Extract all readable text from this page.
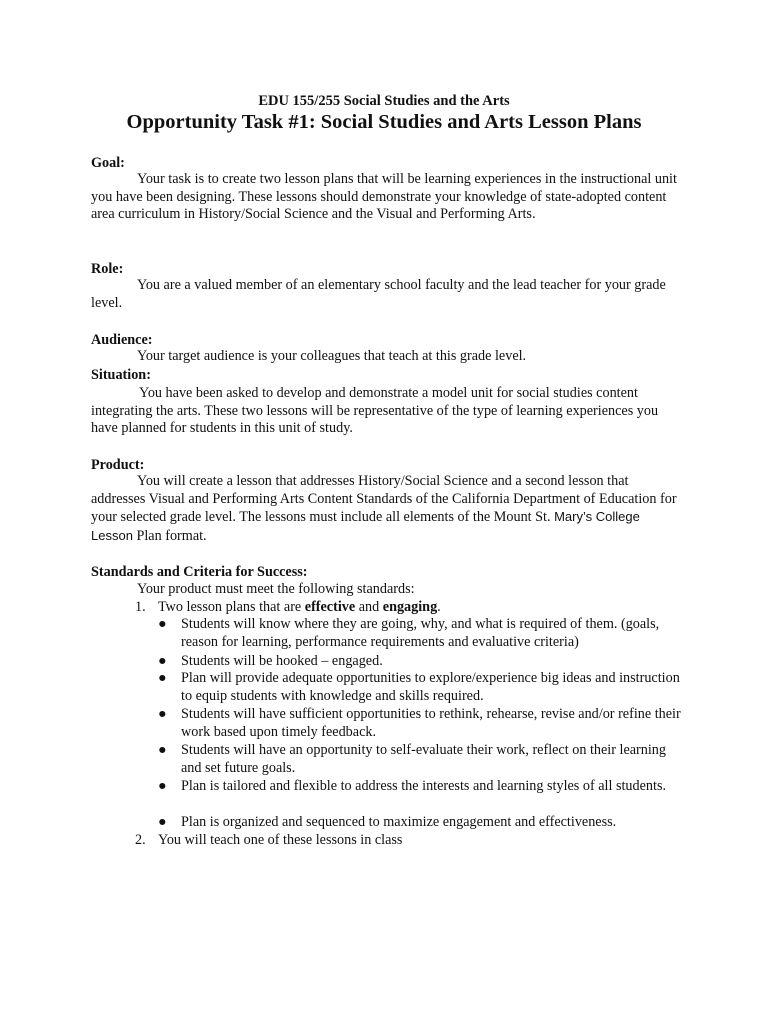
EDU 155/255 Social Studies and the Arts
Opportunity Task #1: Social Studies and Arts Lesson Plans
Goal:
Your task is to create two lesson plans that will be learning experiences in the instructional unit you have been designing. These lessons should demonstrate your knowledge of state-adopted content area curriculum in History/Social Science and the Visual and Performing Arts.
Role:
You are a valued member of an elementary school faculty and the lead teacher for your grade level.
Audience:
Your target audience is your colleagues that teach at this grade level.
Situation:
You have been asked to develop and demonstrate a model unit for social studies content integrating the arts. These two lessons will be representative of the type of learning experiences you have planned for students in this unit of study.
Product:
You will create a lesson that addresses History/Social Science and a second lesson that addresses Visual and Performing Arts Content Standards of the California Department of Education for your selected grade level. The lessons must include all elements of the Mount St. Mary’s College Lesson Plan format.
Standards and Criteria for Success:
Your product must meet the following standards:
1. Two lesson plans that are effective and engaging.
● Students will know where they are going, why, and what is required of them. (goals, reason for learning, performance requirements and evaluative criteria)
● Students will be hooked – engaged.
● Plan will provide adequate opportunities to explore/experience big ideas and instruction to equip students with knowledge and skills required.
● Students will have sufficient opportunities to rethink, rehearse, revise and/or refine their work based upon timely feedback.
● Students will have an opportunity to self-evaluate their work, reflect on their learning and set future goals.
● Plan is tailored and flexible to address the interests and learning styles of all students.
● Plan is organized and sequenced to maximize engagement and effectiveness.
2. You will teach one of these lessons in class
